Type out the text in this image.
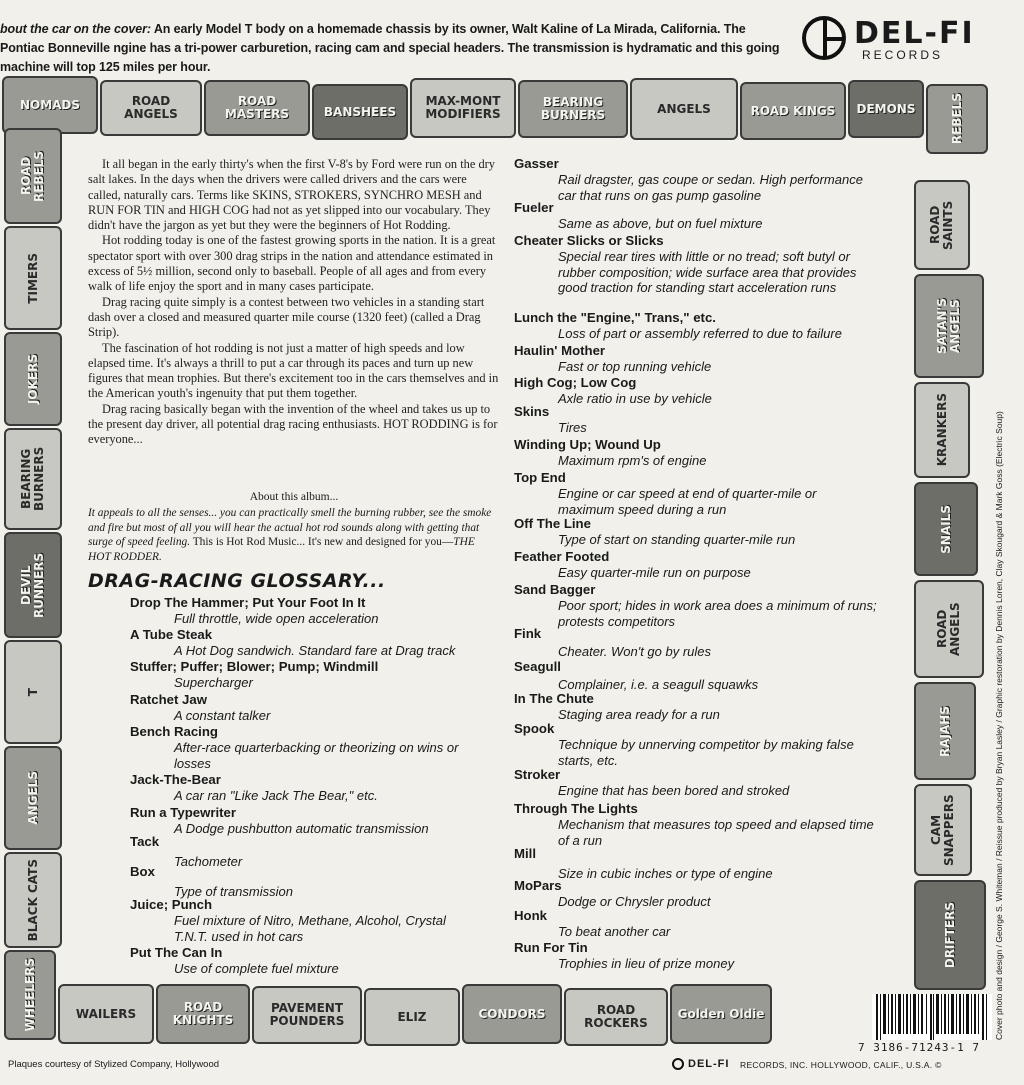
bout the car on the cover: An early Model T body on a homemade chassis by its owner, Walt Kaline of La Mirada, California. The Pontiac Bonneville ngine has a tri-power carburetion, racing cam and special headers. The transmission is hydramatic and this going machine will top 125 miles per hour.
DEL-FI
RECORDS
NOMADS	ROAD ANGELS
ROAD MASTERS	BANSHEES
MAX-MONT MODIFIERS
BEARING BURNERS	ANGELS	ROAD KINGS	DEMONS	REBELS
ROAD REBELS
TIMERS
JOKERS
BEARING BURNERS
DEVIL RUNNERS
T
ANGELS
BLACK CATS
WHEELERS
ROAD SAINTS
SATAN'S ANGELS
KRANKERS
SNAILS
ROAD ANGELS
RAJAHS
CAM SNAPPERS
DRIFTERS
WAILERS	ROAD KNIGHTS
PAVEMENT POUNDERS	ELIZ	CONDORS	ROAD ROCKERS
Golden Oldie

It all began in the early thirty's when the first V-8's by Ford were run on the dry salt lakes. In the days when the drivers were called drivers and the cars were called, naturally cars. Terms like SKINS, STROKERS, SYNCHRO MESH and RUN FOR TIN and HIGH COG had not as yet slipped into our vocabulary. They didn't have the jargon as yet but they were the beginners of Hot Rodding.

Hot rodding today is one of the fastest growing sports in the nation. It is a great spectator sport with over 300 drag strips in the nation and attendance estimated in excess of 5½ million, second only to baseball. People of all ages and from every walk of life enjoy the sport and in many cases participate.

Drag racing quite simply is a contest between two vehicles in a standing start dash over a closed and measured quarter mile course (1320 feet) (called a Drag Strip).

The fascination of hot rodding is not just a matter of high speeds and low elapsed time. It's always a thrill to put a car through its paces and turn up new figures that mean trophies. But there's excitement too in the cars themselves and in the American youth's ingenuity that put them together.

Drag racing basically began with the invention of the wheel and takes us up to the present day driver, all potential drag racing enthusiasts. HOT RODDING is for everyone...

About this album...
It appeals to all the senses... you can practically smell the burning rubber, see the smoke and fire but most of all you will hear the actual hot rod sounds along with getting that surge of speed feeling. This is Hot Rod Music... It's new and designed for you—THE HOT RODDER.
DRAG-RACING GLOSSARY...
Drop The Hammer; Put Your Foot In It
Full throttle, wide open acceleration
A Tube Steak
A Hot Dog sandwich. Standard fare at Drag track
Stuffer; Puffer; Blower; Pump; Windmill
Supercharger
Ratchet Jaw
A constant talker
Bench Racing
After-race quarterbacking or theorizing on wins or losses
Jack-The-Bear
A car ran "Like Jack The Bear," etc.
Run a Typewriter
A Dodge pushbutton automatic transmission
Tack
Tachometer
Box
Type of transmission
Juice; Punch
Fuel mixture of Nitro, Methane, Alcohol, Crystal T.N.T. used in hot cars
Put The Can In
Use of complete fuel mixture
Gasser
Rail dragster, gas coupe or sedan. High performance car that runs on gas pump gasoline
Fueler
Same as above, but on fuel mixture
Cheater Slicks or Slicks
Special rear tires with little or no tread; soft butyl or rubber composition; wide surface area that provides good traction for standing start acceleration runs
Lunch the "Engine," Trans," etc.
Loss of part or assembly referred to due to failure
Haulin' Mother
Fast or top running vehicle
High Cog; Low Cog
Axle ratio in use by vehicle
Skins
Tires
Winding Up; Wound Up
Maximum rpm's of engine
Top End
Engine or car speed at end of quarter-mile or maximum speed during a run
Off The Line
Type of start on standing quarter-mile run
Feather Footed
Easy quarter-mile run on purpose
Sand Bagger
Poor sport; hides in work area does a minimum of runs; protests competitors
Fink
Cheater. Won't go by rules
Seagull
Complainer, i.e. a seagull squawks
In The Chute
Staging area ready for a run
Spook
Technique by unnerving competitor by making false starts, etc.
Stroker
Engine that has been bored and stroked
Through The Lights
Mechanism that measures top speed and elapsed time of a run
Mill
Size in cubic inches or type of engine
MoPars
Dodge or Chrysler product
Honk
To beat another car
Run For Tin
Trophies in lieu of prize money
Plaques courtesy of Stylized Company, Hollywood	DEL-FI RECORDS, INC. HOLLYWOOD, CALIF., U.S.A. ©
Cover photo and design / George S. Whiteman / Reissue produced by Bryan Lasley / Graphic restoration by Dennis Loren, Clay Skougard & Mark Goss (Electric Soup)
7 3186-71243-1 7
